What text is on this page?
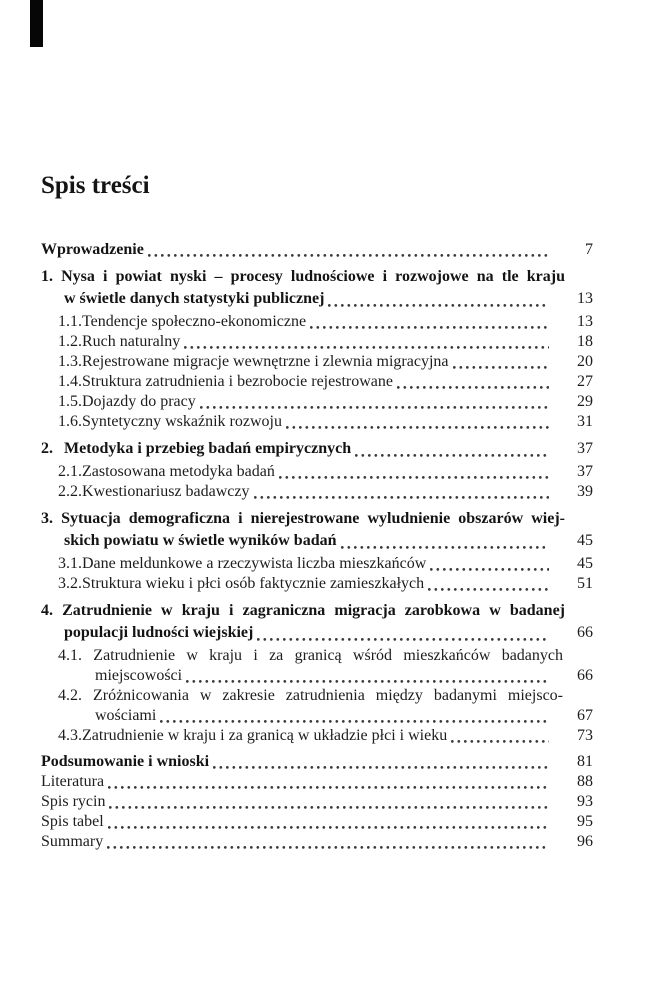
Spis treści
Wprowadzenie	7
1. Nysa i powiat nyski – procesy ludnościowe i rozwojowe na tle kraju
w świetle danych statystyki publicznej	13
1.1. Tendencje społeczno-ekonomiczne	13
1.2. Ruch naturalny	18
1.3. Rejestrowane migracje wewnętrzne i zlewnia migracyjna	20
1.4. Struktura zatrudnienia i bezrobocie rejestrowane	27
1.5. Dojazdy do pracy	29
1.6. Syntetyczny wskaźnik rozwoju	31
2. Metodyka i przebieg badań empirycznych	37
2.1. Zastosowana metodyka badań	37
2.2. Kwestionariusz badawczy	39
3. Sytuacja demograficzna i nierejestrowane wyludnienie obszarów wiej-
skich powiatu w świetle wyników badań	45
3.1. Dane meldunkowe a rzeczywista liczba mieszkańców	45
3.2. Struktura wieku i płci osób faktycznie zamieszkałych	51
4. Zatrudnienie w kraju i zagraniczna migracja zarobkowa w badanej
populacji ludności wiejskiej	66
4.1. Zatrudnienie w kraju i za granicą wśród mieszkańców badanych
miejscowości	66
4.2. Zróżnicowania w zakresie zatrudnienia między badanymi miejsco-
wościami	67
4.3. Zatrudnienie w kraju i za granicą w układzie płci i wieku	73
Podsumowanie i wnioski	81
Literatura	88
Spis rycin	93
Spis tabel	95
Summary	96
